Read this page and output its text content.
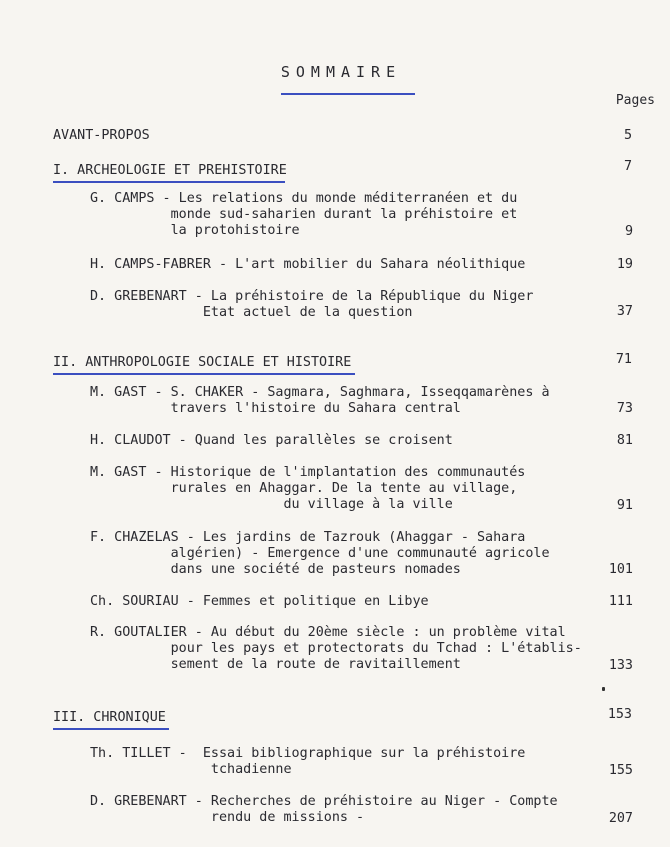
SOMMAIRE
Pages
AVANT-PROPOS	5
I. ARCHEOLOGIE ET PREHISTOIRE	7
G. CAMPS - Les relations du monde méditerranéen et du
monde sud-saharien durant la préhistoire et
la protohistoire	9
H. CAMPS-FABRER - L'art mobilier du Sahara néolithique	19
D. GREBENART - La préhistoire de la République du Niger
Etat actuel de la question	37
II. ANTHROPOLOGIE SOCIALE ET HISTOIRE	71
M. GAST - S. CHAKER - Sagmara, Saghmara, Isseqqamarènes à
travers l'histoire du Sahara central	73
H. CLAUDOT - Quand les parallèles se croisent	81
M. GAST - Historique de l'implantation des communautés
rurales en Ahaggar. De la tente au village,
du village à la ville	91
F. CHAZELAS - Les jardins de Tazrouk (Ahaggar - Sahara
algérien) - Emergence d'une communauté agricole
dans une société de pasteurs nomades	101
Ch. SOURIAU - Femmes et politique en Libye	111
R. GOUTALIER - Au début du 20ème siècle : un problème vital
pour les pays et protectorats du Tchad : L'établis-
sement de la route de ravitaillement	133
III. CHRONIQUE	153
Th. TILLET -  Essai bibliographique sur la préhistoire
tchadienne	155
D. GREBENART - Recherches de préhistoire au Niger - Compte
rendu de missions -	207
